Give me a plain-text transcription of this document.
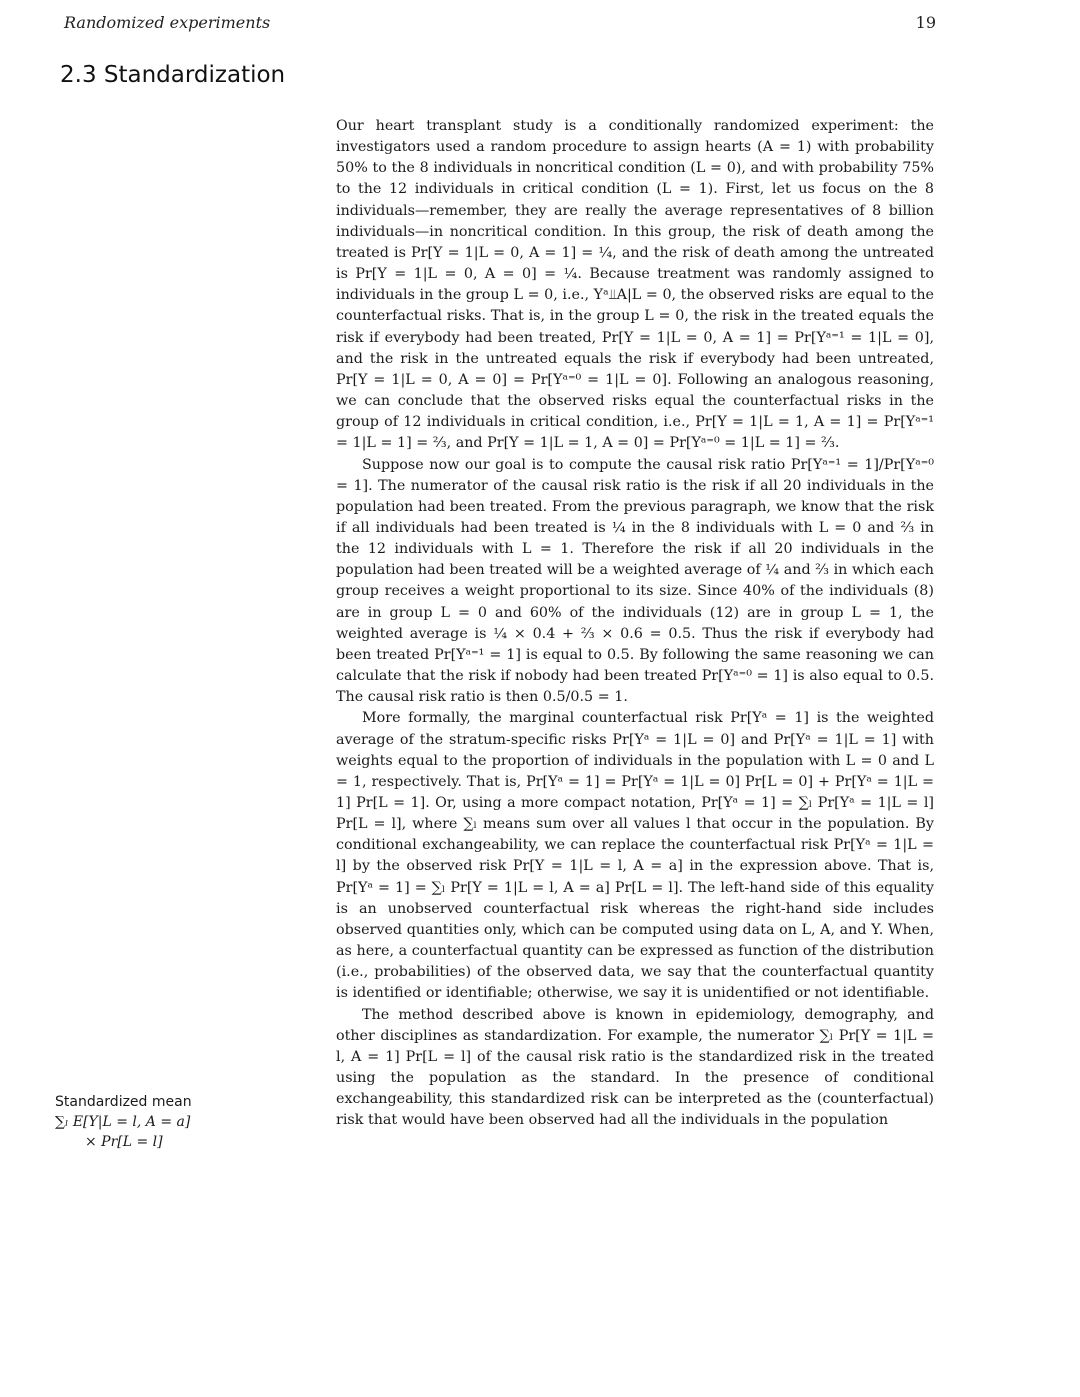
Randomized experiments	19
2.3 Standardization

Our heart transplant study is a conditionally randomized experiment: the investigators used a random procedure to assign hearts (A = 1) with probability 50% to the 8 individuals in noncritical condition (L = 0), and with probability 75% to the 12 individuals in critical condition (L = 1). First, let us focus on the 8 individuals—remember, they are really the average representatives of 8 billion individuals—in noncritical condition. In this group, the risk of death among the treated is Pr[Y = 1|L = 0, A = 1] = ¼, and the risk of death among the untreated is Pr[Y = 1|L = 0, A = 0] = ¼. Because treatment was randomly assigned to individuals in the group L = 0, i.e., Yᵃ⫫A|L = 0, the observed risks are equal to the counterfactual risks. That is, in the group L = 0, the risk in the treated equals the risk if everybody had been treated, Pr[Y = 1|L = 0, A = 1] = Pr[Yᵃ⁼¹ = 1|L = 0], and the risk in the untreated equals the risk if everybody had been untreated, Pr[Y = 1|L = 0, A = 0] = Pr[Yᵃ⁼⁰ = 1|L = 0]. Following an analogous reasoning, we can conclude that the observed risks equal the counterfactual risks in the group of 12 individuals in critical condition, i.e., Pr[Y = 1|L = 1, A = 1] = Pr[Yᵃ⁼¹ = 1|L = 1] = ⅔, and Pr[Y = 1|L = 1, A = 0] = Pr[Yᵃ⁼⁰ = 1|L = 1] = ⅔.

Suppose now our goal is to compute the causal risk ratio Pr[Yᵃ⁼¹ = 1]/Pr[Yᵃ⁼⁰ = 1]. The numerator of the causal risk ratio is the risk if all 20 individuals in the population had been treated. From the previous paragraph, we know that the risk if all individuals had been treated is ¼ in the 8 individuals with L = 0 and ⅔ in the 12 individuals with L = 1. Therefore the risk if all 20 individuals in the population had been treated will be a weighted average of ¼ and ⅔ in which each group receives a weight proportional to its size. Since 40% of the individuals (8) are in group L = 0 and 60% of the individuals (12) are in group L = 1, the weighted average is ¼ × 0.4 + ⅔ × 0.6 = 0.5. Thus the risk if everybody had been treated Pr[Yᵃ⁼¹ = 1] is equal to 0.5. By following the same reasoning we can calculate that the risk if nobody had been treated Pr[Yᵃ⁼⁰ = 1] is also equal to 0.5. The causal risk ratio is then 0.5/0.5 = 1.

More formally, the marginal counterfactual risk Pr[Yᵃ = 1] is the weighted average of the stratum-specific risks Pr[Yᵃ = 1|L = 0] and Pr[Yᵃ = 1|L = 1] with weights equal to the proportion of individuals in the population with L = 0 and L = 1, respectively. That is, Pr[Yᵃ = 1] = Pr[Yᵃ = 1|L = 0] Pr[L = 0] + Pr[Yᵃ = 1|L = 1] Pr[L = 1]. Or, using a more compact notation, Pr[Yᵃ = 1] = ∑ₗ Pr[Yᵃ = 1|L = l] Pr[L = l], where ∑ₗ means sum over all values l that occur in the population. By conditional exchangeability, we can replace the counterfactual risk Pr[Yᵃ = 1|L = l] by the observed risk Pr[Y = 1|L = l, A = a] in the expression above. That is, Pr[Yᵃ = 1] = ∑ₗ Pr[Y = 1|L = l, A = a] Pr[L = l]. The left-hand side of this equality is an unobserved counterfactual risk whereas the right-hand side includes observed quantities only, which can be computed using data on L, A, and Y. When, as here, a counterfactual quantity can be expressed as function of the distribution (i.e., probabilities) of the observed data, we say that the counterfactual quantity is identified or identifiable; otherwise, we say it is unidentified or not identifiable.

The method described above is known in epidemiology, demography, and other disciplines as standardization. For example, the numerator ∑ₗ Pr[Y = 1|L = l, A = 1] Pr[L = l] of the causal risk ratio is the standardized risk in the treated using the population as the standard. In the presence of conditional exchangeability, this standardized risk can be interpreted as the (counterfactual) risk that would have been observed had all the individuals in the population

Standardized mean
∑ₗ E[Y|L = l, A = a]
× Pr[L = l]
